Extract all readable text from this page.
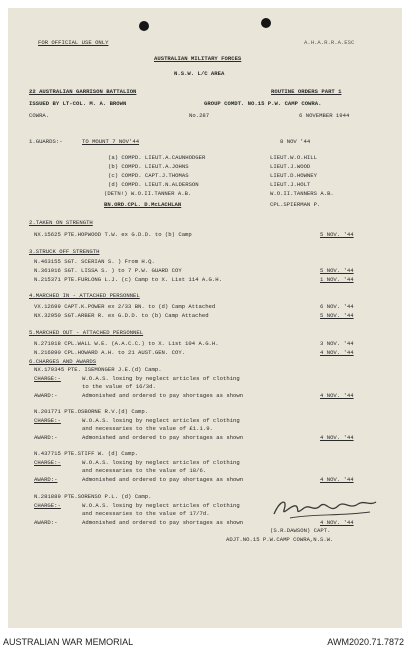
FOR OFFICIAL USE ONLY	A.H.A.R.R.A.ESC
AUSTRALIAN MILITARY FORCES
N.S.W. L/C AREA
22 AUSTRALIAN GARRISON BATTALION	ROUTINE ORDERS PART 1
ISSUED BY LT-COL. M. A. BROWN	GROUP COMDT. NO.15 P.W. CAMP COWRA.
COWRA.	No.287	6 NOVEMBER 1944
1.GUARDS:-	TO MOUNT 7 NOV'44	8 NOV '44
(a) COMPD. LIEUT.A.CAUNHODGER	LIEUT.W.O.HILL
(b) COMPD. LIEUT.A.JOHNS	LIEUT.J.WOOD
(c) COMPD. CAPT.J.THOMAS	LIEUT.D.HOWNEY
(d) COMPD. LIEUT.N.ALDERSON	LIEUT.J.HOLT
(DETN!) W.O.II.TANNER A.B.	W.O.II.TANNERS A.B.
BN.ORD.CPL. D.McLACHLAN	CPL.SPIERMAN P.
2.TAKEN ON STRENGTH
NX.15625 PTE.HOPWOOD T.W. ex G.D.D. to (b) Camp	5 NOV. '44
3.STRUCK OFF STRENGTH
N.463155 SGT. SCERIAN S. ) From H.Q.
N.361916 SGT. LISSA S. ) to 7 P.W. GUARD COY	5 NOV. '44
N.215371 PTE.FURLONG L.J. (c) Camp to X. List 114 A.G.H.	1 NOV. '44
4.MARCHED IN - ATTACHED PERSONNEL
VX.12699 CAPT.K.POWER ex 2/33 BN. to (d) Camp Attached	6 NOV. '44
NX.32950 SGT.ARBER R. ex G.D.D. to (b) Camp Attached	5 NOV. '44
5.MARCHED OUT - ATTACHED PERSONNEL
N.271018 CPL.WALL W.E. (A.A.C.C.) to X. List 104 A.G.H.	3 NOV. '44
N.216890 CPL.HOWARD A.H. to 21 AUST.GEN. COY.	4 NOV. '44
6.CHARGES AND AWARDS
NX.179345 PTE. ISEMONGER J.E.(d) Camp.
CHARGE:-	W.O.A.S. losing by neglect articles of clothing
to the value of 16/3d.
AWARD:-	Admonished and ordered to pay shortages as shown	4 NOV. '44
N.201771 PTE.OSBORNE R.V.(d) Camp.
CHARGE:-	W.O.A.S. losing by neglect articles of clothing
and necessaries to the value of £1.1.9.
AWARD:-	Admonished and ordered to pay shortages as shown	4 NOV. '44
N.437715 PTE.STIFF W. (d) Camp.
CHARGE:-	W.O.A.S. losing by neglect articles of clothing
and necessaries to the value of 18/6.
AWARD:-	Admonished and ordered to pay shortages as shown	4 NOV. '44
N.281889 PTE.SORENSO P.L. (d) Camp.
CHARGE:-	W.O.A.S. losing by neglect articles of clothing
and necessaries to the value of 17/7d.
AWARD:-	Admonished and ordered to pay shortages as shown	4 NOV. '44
(S.R.DAWSON) CAPT.
ADJT.NO.15 P.W.CAMP COWRA,N.S.W.
AUSTRALIAN WAR MEMORIAL	AWM2020.71.7872
